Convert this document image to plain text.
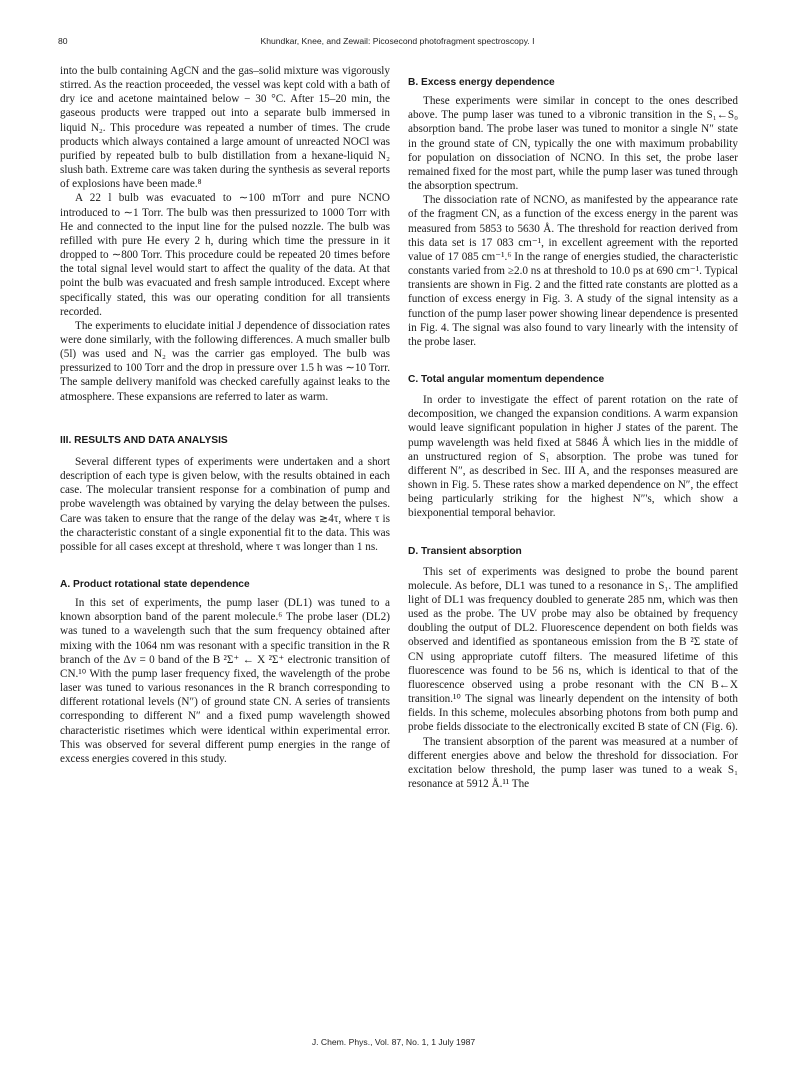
80	Khundkar, Knee, and Zewail: Picosecond photofragment spectroscopy. I

into the bulb containing AgCN and the gas–solid mixture was vigorously stirred. As the reaction proceeded, the vessel was kept cold with a bath of dry ice and acetone maintained below − 30 °C. After 15–20 min, the gaseous products were trapped out into a separate bulb immersed in liquid N₂. This procedure was repeated a number of times. The crude products which always contained a large amount of unreacted NOCl was purified by repeated bulb to bulb distillation from a hexane-liquid N₂ slush bath. Extreme care was taken during the synthesis as several reports of explosions have been made.⁸

A 22 l bulb was evacuated to ∼100 mTorr and pure NCNO introduced to ∼1 Torr. The bulb was then pressurized to 1000 Torr with He and connected to the input line for the pulsed nozzle. The bulb was refilled with pure He every 2 h, during which time the pressure in it dropped to ∼800 Torr. This procedure could be repeated 20 times before the total signal level would start to affect the quality of the data. At that point the bulb was evacuated and fresh sample introduced. Except where specifically stated, this was our operating condition for all transients recorded.

The experiments to elucidate initial J dependence of dissociation rates were done similarly, with the following differences. A much smaller bulb (5l) was used and N₂ was the carrier gas employed. The bulb was pressurized to 100 Torr and the drop in pressure over 1.5 h was ∼10 Torr. The sample delivery manifold was checked carefully against leaks to the atmosphere. These expansions are referred to later as warm.

III. RESULTS AND DATA ANALYSIS

Several different types of experiments were undertaken and a short description of each type is given below, with the results obtained in each case. The molecular transient response for a combination of pump and probe wavelength was obtained by varying the delay between the pulses. Care was taken to ensure that the range of the delay was ≳4τ, where τ is the characteristic constant of a single exponential fit to the data. This was possible for all cases except at threshold, where τ was longer than 1 ns.

A. Product rotational state dependence

In this set of experiments, the pump laser (DL1) was tuned to a known absorption band of the parent molecule.⁶ The probe laser (DL2) was tuned to a wavelength such that the sum frequency obtained after mixing with the 1064 nm was resonant with a specific transition in the R branch of the Δv = 0 band of the B ²Σ⁺ ← X ²Σ⁺ electronic transition of CN.¹⁰ With the pump laser frequency fixed, the wavelength of the probe laser was tuned to various resonances in the R branch corresponding to different rotational levels (N″) of ground state CN. A series of transients corresponding to different N″ and a fixed pump wavelength showed characteristic risetimes which were identical within experimental error. This was observed for several different pump energies in the range of excess energies covered in this study.

B. Excess energy dependence

These experiments were similar in concept to the ones described above. The pump laser was tuned to a vibronic transition in the S₁←S₀ absorption band. The probe laser was tuned to monitor a single N″ state in the ground state of CN, typically the one with maximum probability for population on dissociation of NCNO. In this set, the probe laser remained fixed for the most part, while the pump laser was tuned through the absorption spectrum.

The dissociation rate of NCNO, as manifested by the appearance rate of the fragment CN, as a function of the excess energy in the parent was measured from 5853 to 5630 Å. The threshold for reaction derived from this data set is 17 083 cm⁻¹, in excellent agreement with the reported value of 17 085 cm⁻¹.⁶ In the range of energies studied, the characteristic constants varied from ≥2.0 ns at threshold to 10.0 ps at 690 cm⁻¹. Typical transients are shown in Fig. 2 and the fitted rate constants are plotted as a function of excess energy in Fig. 3. A study of the signal intensity as a function of the pump laser power showing linear dependence is presented in Fig. 4. The signal was also found to vary linearly with the intensity of the probe laser.

C. Total angular momentum dependence

In order to investigate the effect of parent rotation on the rate of decomposition, we changed the expansion conditions. A warm expansion would leave significant population in higher J states of the parent. The pump wavelength was held fixed at 5846 Å which lies in the middle of an unstructured region of S₁ absorption. The probe was tuned for different N″, as described in Sec. III A, and the responses measured are shown in Fig. 5. These rates show a marked dependence on N″, the effect being particularly striking for the highest N″'s, which show a biexponential temporal behavior.

D. Transient absorption

This set of experiments was designed to probe the bound parent molecule. As before, DL1 was tuned to a resonance in S₁. The amplified light of DL1 was frequency doubled to generate 285 nm, which was then used as the probe. The UV probe may also be obtained by frequency doubling the output of DL2. Fluorescence dependent on both fields was observed and identified as spontaneous emission from the B ²Σ state of CN using appropriate cutoff filters. The measured lifetime of this fluorescence was found to be 56 ns, which is identical to that of the fluorescence observed using a probe resonant with the CN B←X transition.¹⁰ The signal was linearly dependent on the intensity of both fields. In this scheme, molecules absorbing photons from both pump and probe fields dissociate to the electronically excited B state of CN (Fig. 6).

The transient absorption of the parent was measured at a number of different energies above and below the threshold for dissociation. For excitation below threshold, the pump laser was tuned to a weak S₁ resonance at 5912 Å.¹¹ The

J. Chem. Phys., Vol. 87, No. 1, 1 July 1987
